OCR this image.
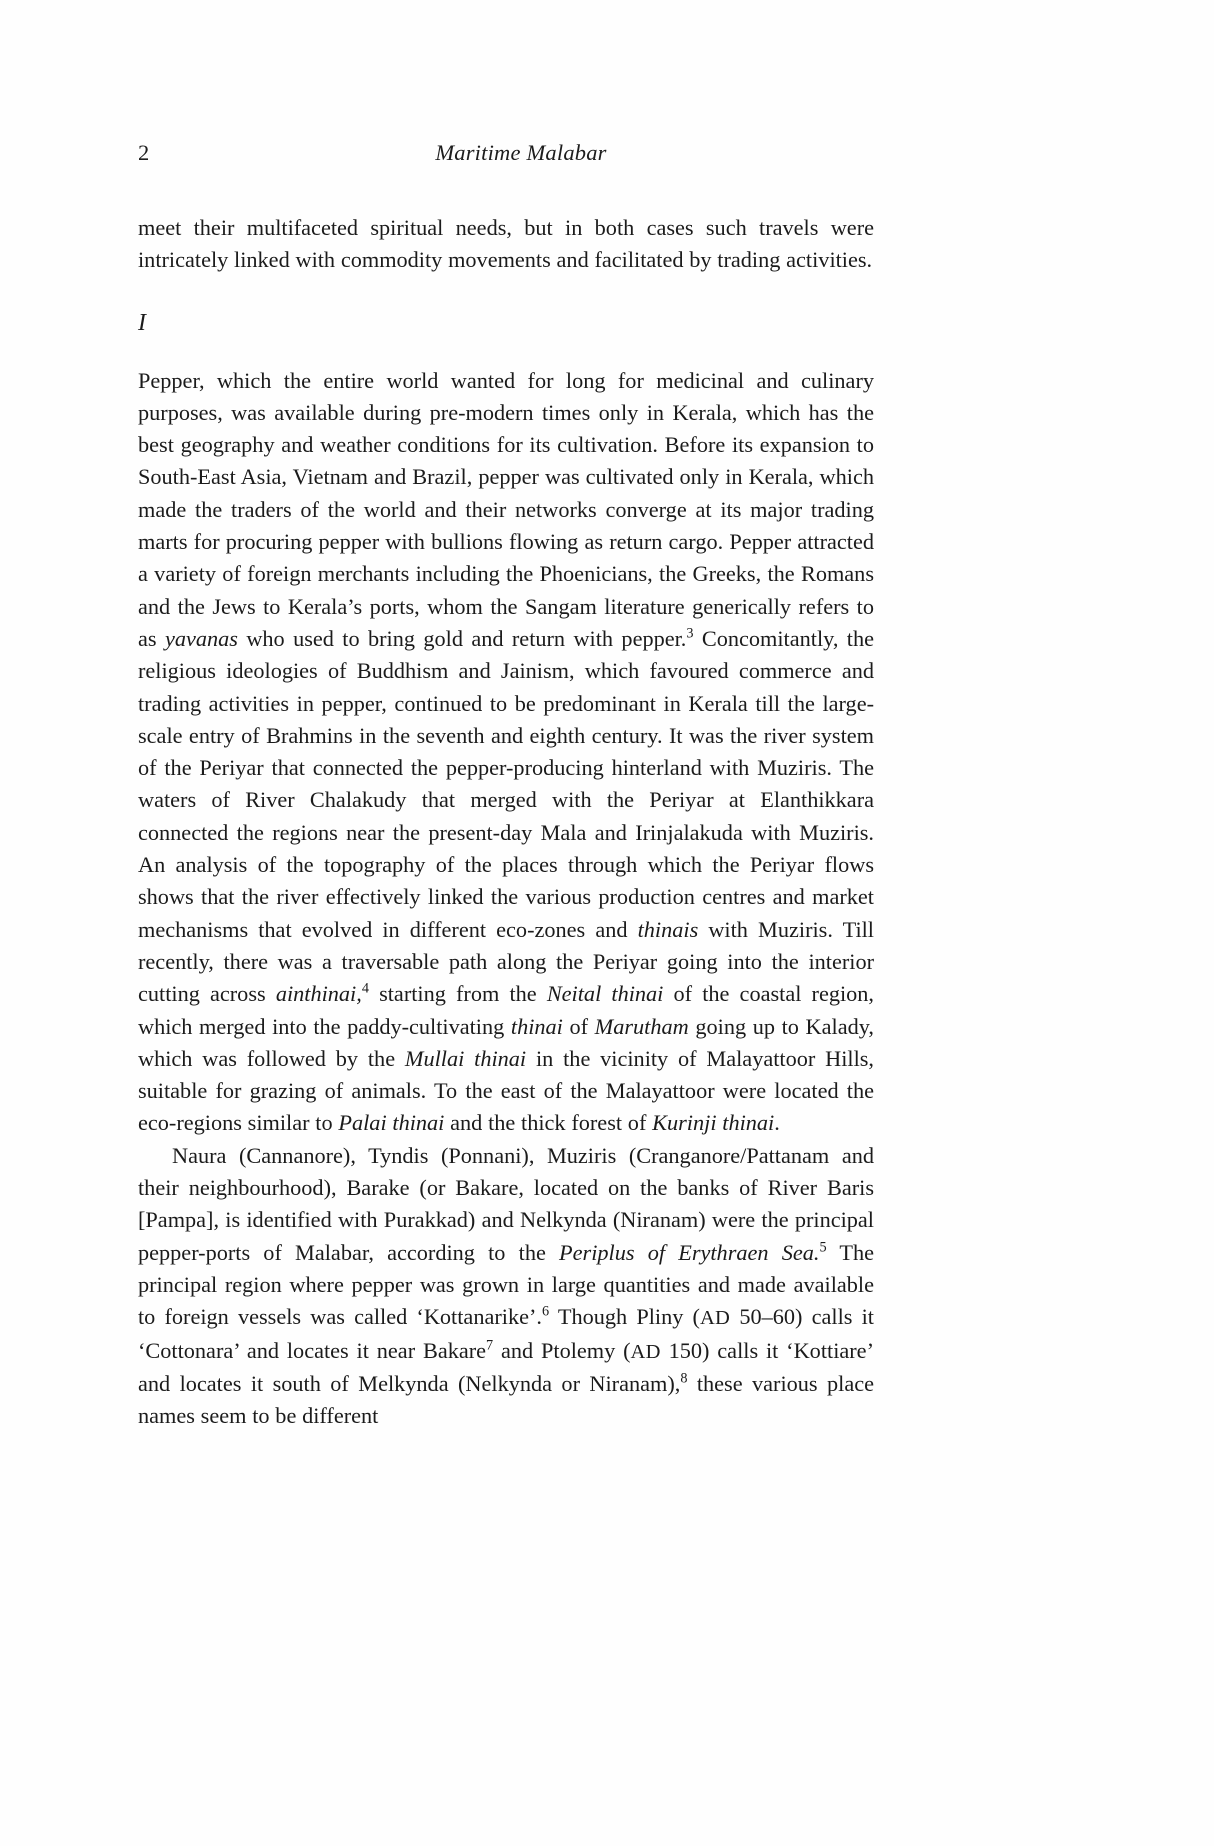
2	Maritime Malabar

meet their multifaceted spiritual needs, but in both cases such travels were intricately linked with commodity movements and facilitated by trading activities.

I

Pepper, which the entire world wanted for long for medicinal and culinary purposes, was available during pre-modern times only in Kerala, which has the best geography and weather conditions for its cultivation. Before its expansion to South-East Asia, Vietnam and Brazil, pepper was cultivated only in Kerala, which made the traders of the world and their networks converge at its major trading marts for procuring pepper with bullions flowing as return cargo. Pepper attracted a variety of foreign merchants including the Phoenicians, the Greeks, the Romans and the Jews to Kerala’s ports, whom the Sangam literature generically refers to as yavanas who used to bring gold and return with pepper.$^3$ Concomitantly, the religious ideologies of Buddhism and Jainism, which favoured commerce and trading activities in pepper, continued to be predominant in Kerala till the large-scale entry of Brahmins in the seventh and eighth century. It was the river system of the Periyar that connected the pepper-producing hinterland with Muziris. The waters of River Chalakudy that merged with the Periyar at Elanthikkara connected the regions near the present-day Mala and Irinjalakuda with Muziris. An analysis of the topography of the places through which the Periyar flows shows that the river effectively linked the various production centres and market mechanisms that evolved in different eco-zones and thinais with Muziris. Till recently, there was a traversable path along the Periyar going into the interior cutting across ainthinai,$^4$ starting from the Neital thinai of the coastal region, which merged into the paddy-cultivating thinai of Marutham going up to Kalady, which was followed by the Mullai thinai in the vicinity of Malayattoor Hills, suitable for grazing of animals. To the east of the Malayattoor were located the eco-regions similar to Palai thinai and the thick forest of Kurinji thinai.

Naura (Cannanore), Tyndis (Ponnani), Muziris (Cranganore/Pattanam and their neighbourhood), Barake (or Bakare, located on the banks of River Baris [Pampa], is identified with Purakkad) and Nelkynda (Niranam) were the principal pepper-ports of Malabar, according to the Periplus of Erythraen Sea.$^5$ The principal region where pepper was grown in large quantities and made available to foreign vessels was called ‘Kottanarike’.$^6$ Though Pliny (AD 50–60) calls it ‘Cottonara’ and locates it near Bakare$^7$ and Ptolemy (AD 150) calls it ‘Kottiare’ and locates it south of Melkynda (Nelkynda or Niranam),$^8$ these various place names seem to be different
